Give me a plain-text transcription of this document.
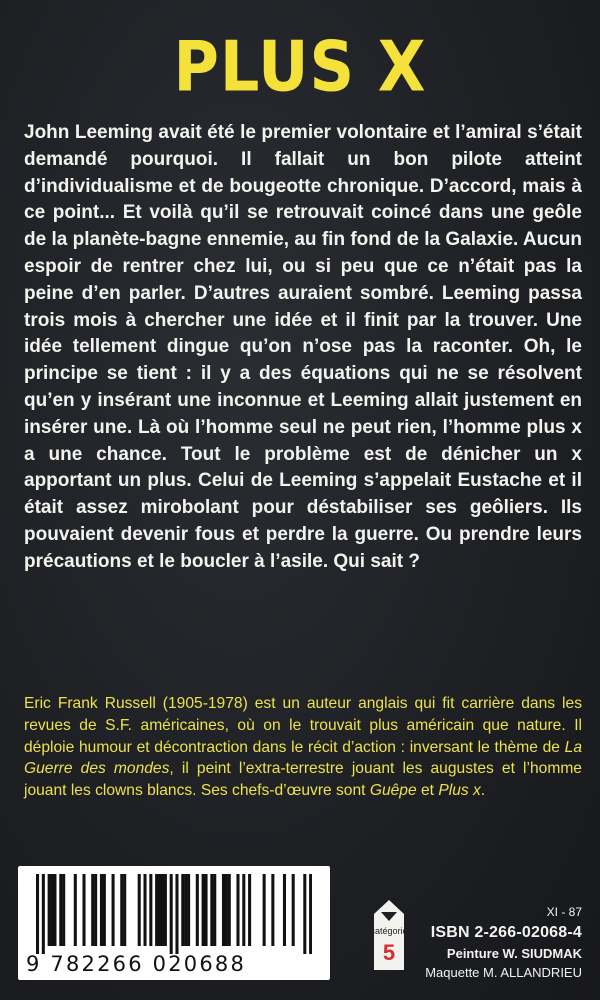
PLUS X

John Leeming avait été le premier volontaire et l’amiral s’était demandé pourquoi. Il fallait un bon pilote atteint d’individualisme et de bougeotte chronique. D’accord, mais à ce point... Et voilà qu’il se retrouvait coincé dans une geôle de la planète-bagne ennemie, au fin fond de la Galaxie. Aucun espoir de rentrer chez lui, ou si peu que ce n’était pas la peine d’en parler. D’autres auraient sombré. Leeming passa trois mois à chercher une idée et il finit par la trouver. Une idée tellement dingue qu’on n’ose pas la raconter. Oh, le principe se tient : il y a des équations qui ne se résolvent qu’en y insérant une inconnue et Leeming allait justement en insérer une. Là où l’homme seul ne peut rien, l’homme plus x a une chance. Tout le problème est de dénicher un x apportant un plus. Celui de Leeming s’appelait Eustache et il était assez mirobolant pour déstabiliser ses geôliers. Ils pouvaient devenir fous et perdre la guerre. Ou prendre leurs précautions et le boucler à l’asile. Qui sait ?

Eric Frank Russell (1905-1978) est un auteur anglais qui fit carrière dans les revues de S.F. américaines, où on le trouvait plus américain que nature. Il déploie humour et décontraction dans le récit d’action : inversant le thème de La Guerre des mondes, il peint l’extra-terrestre jouant les augustes et l’homme jouant les clowns blancs. Ses chefs-d’œuvre sont Guêpe et Plus x.

9 782266 020688
catégorie
5
XI - 87
ISBN 2-266-02068-4
Peinture W. SIUDMAK
Maquette M. ALLANDRIEU
